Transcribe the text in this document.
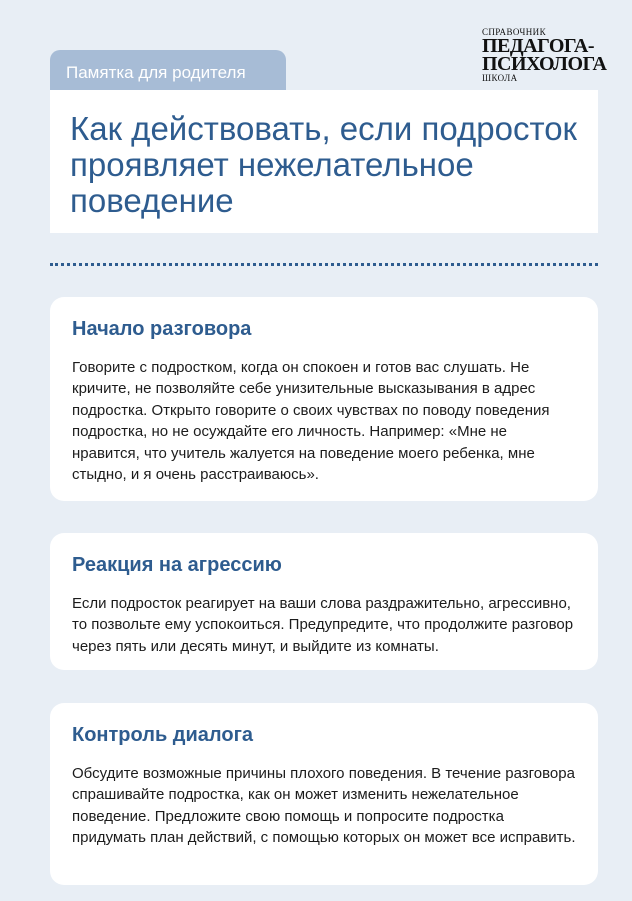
Памятка для родителя
СПРАВОЧНИК
ПЕДАГОГА-
ПСИХОЛОГА
ШКОЛА
Как действовать, если подросток проявляет нежелательное поведение
Начало разговора

Говорите с подростком, когда он спокоен и готов вас слушать. Не кричите, не позволяйте себе унизительные высказывания в адрес подростка. Открыто говорите о своих чувствах по поводу поведения подростка, но не осуждайте его личность. Например: «Мне не нравится, что учитель жалуется на поведение моего ребенка, мне стыдно, и я очень расстраиваюсь».

Реакция на агрессию

Если подросток реагирует на ваши слова раздражительно, агрессивно, то позвольте ему успокоиться. Предупредите, что продолжите разговор через пять или десять минут, и выйдите из комнаты.

Контроль диалога

Обсудите возможные причины плохого поведения. В течение разговора спрашивайте подростка, как он может изменить нежелательное поведение. Предложите свою помощь и попросите подростка придумать план действий, с помощью которых он может все исправить.
